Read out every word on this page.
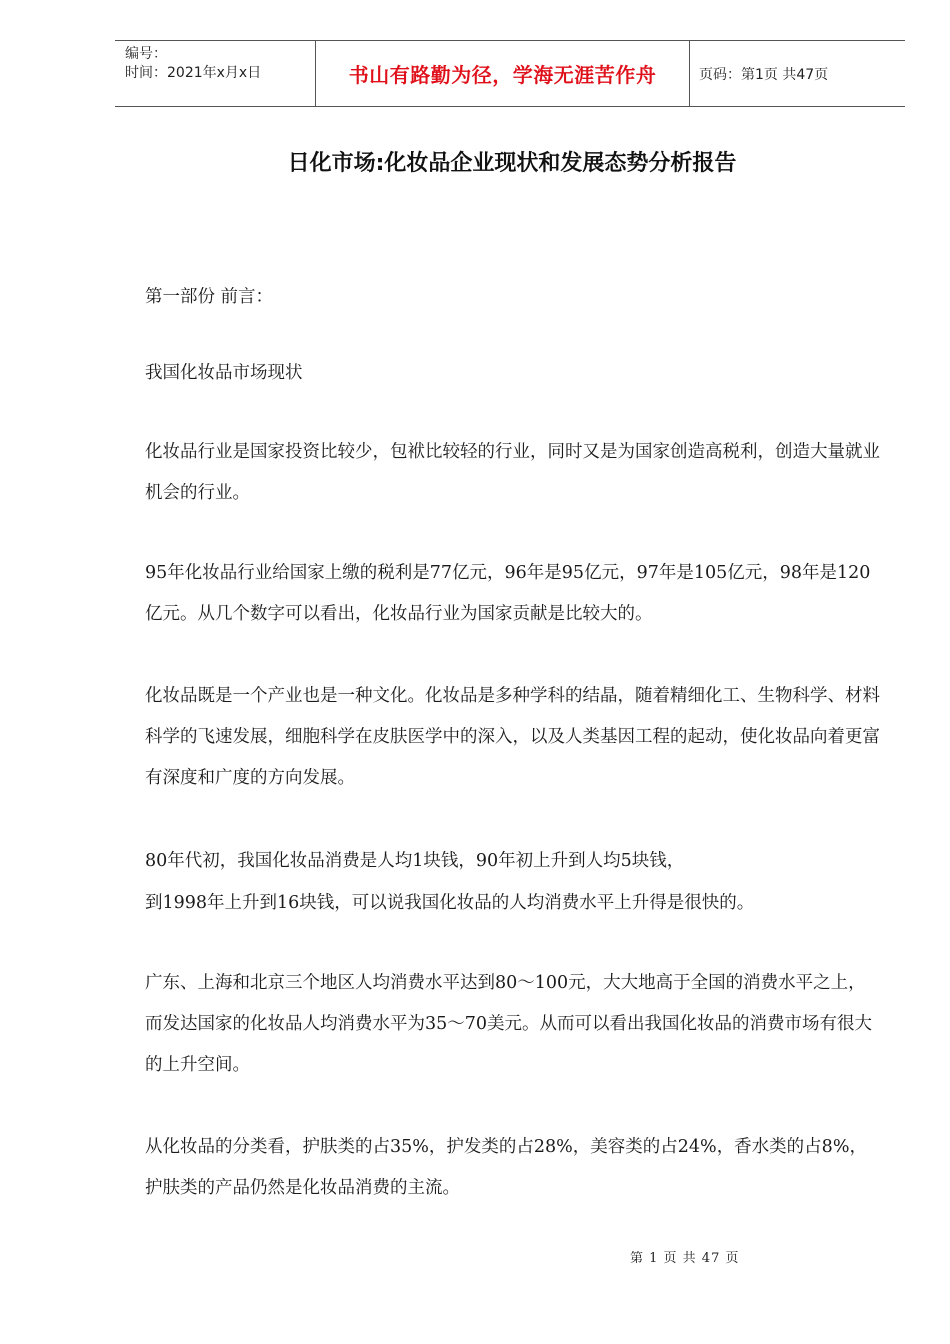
编号：
时间：2021年x月x日	书山有路勤为径，学海无涯苦作舟	页码：第1页 共47页
日化市场:化妆品企业现状和发展态势分析报告

第一部份 前言：

我国化妆品市场现状

化妆品行业是国家投资比较少，包袱比较轻的行业，同时又是为国家创造高税利，创造大量就业机会的行业。

95年化妆品行业给国家上缴的税利是77亿元，96年是95亿元，97年是105亿元，98年是120亿元。从几个数字可以看出，化妆品行业为国家贡献是比较大的。

化妆品既是一个产业也是一种文化。化妆品是多种学科的结晶，随着精细化工、生物科学、材料科学的飞速发展，细胞科学在皮肤医学中的深入，以及人类基因工程的起动，使化妆品向着更富有深度和广度的方向发展。

80年代初，我国化妆品消费是人均1块钱，90年初上升到人均5块钱，

到1998年上升到16块钱，可以说我国化妆品的人均消费水平上升得是很快的。

广东、上海和北京三个地区人均消费水平达到80～100元，大大地高于全国的消费水平之上，而发达国家的化妆品人均消费水平为35～70美元。从而可以看出我国化妆品的消费市场有很大的上升空间。

从化妆品的分类看，护肤类的占35%，护发类的占28%，美容类的占24%，香水类的占8%，护肤类的产品仍然是化妆品消费的主流。

第 1 页 共 47 页
